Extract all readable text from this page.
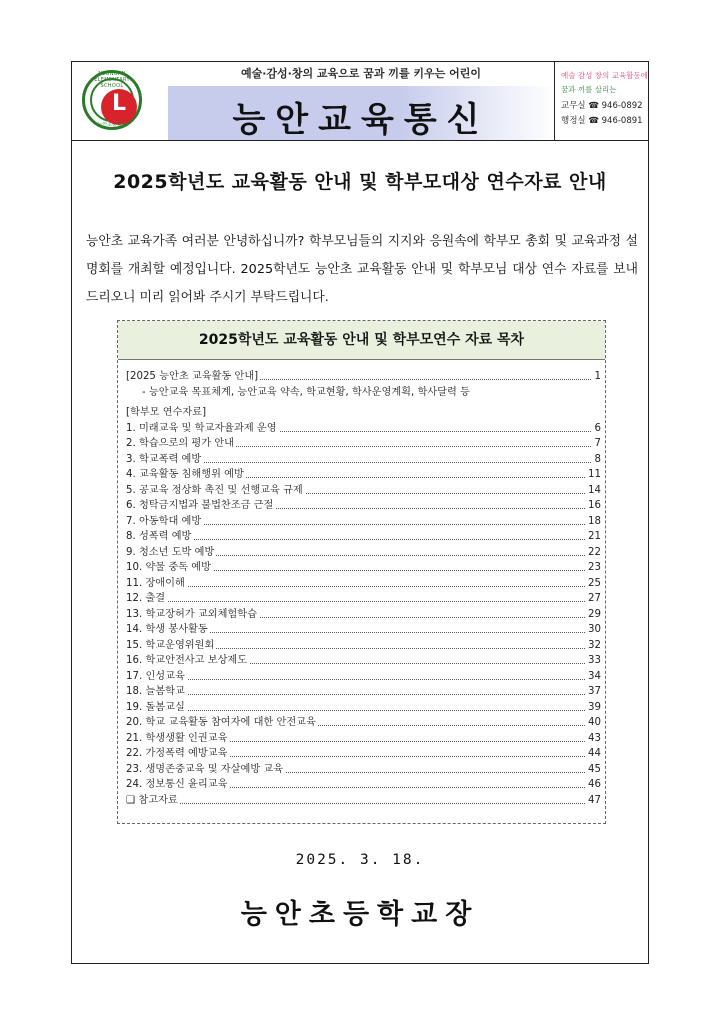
NEUNGAN ELEMENTARY SCHOOL
L
능안초등학교
예술·감성·창의 교육으로 꿈과 끼를 키우는 어린이
능안교육통신
예술 감성 창의 교육활동에
꿈과 끼를 살리는
교무실 ☎ 946-0892
행정실 ☎ 946-0891
2025학년도 교육활동 안내 및 학부모대상 연수자료 안내
능안초 교육가족 여러분 안녕하십니까? 학부모님들의 지지와 응원속에 학부모 총회 및 교육과정 설명회를 개최할 예정입니다. 2025학년도 능안초 교육활동 안내 및 학부모님 대상 연수 자료를 보내드리오니 미리 읽어봐 주시기 부탁드립니다.
2025학년도 교육활동 안내 및 학부모연수 자료 목차
[2025 능안초 교육활동 안내]	1
- 능안교육 목표체계, 능안교육 약속, 학교현황, 학사운영계획, 학사달력 등
[학부모 연수자료]
1. 미래교육 및 학교자율과제 운영	6
2. 학습으로의 평가 안내	7
3. 학교폭력 예방	8
4. 교육활동 침해행위 예방	11
5. 공교육 정상화 촉진 및 선행교육 규제	14
6. 청탁금지법과 불법찬조금 근절	16
7. 아동학대 예방	18
8. 성폭력 예방	21
9. 청소년 도박 예방	22
10. 약물 중독 예방	23
11. 장애이해	25
12. 출결	27
13. 학교장허가 교외체험학습	29
14. 학생 봉사활동	30
15. 학교운영위원회	32
16. 학교안전사고 보상제도	33
17. 인성교육	34
18. 늘봄학교	37
19. 돌봄교실	39
20. 학교 교육활동 참여자에 대한 안전교육	40
21. 학생생활 인권교육	43
22. 가정폭력 예방교육	44
23. 생명존중교육 및 자살예방 교육	45
24. 정보통신 윤리교육	46
❑ 참고자료	47
2025. 3. 18.
능안초등학교장
